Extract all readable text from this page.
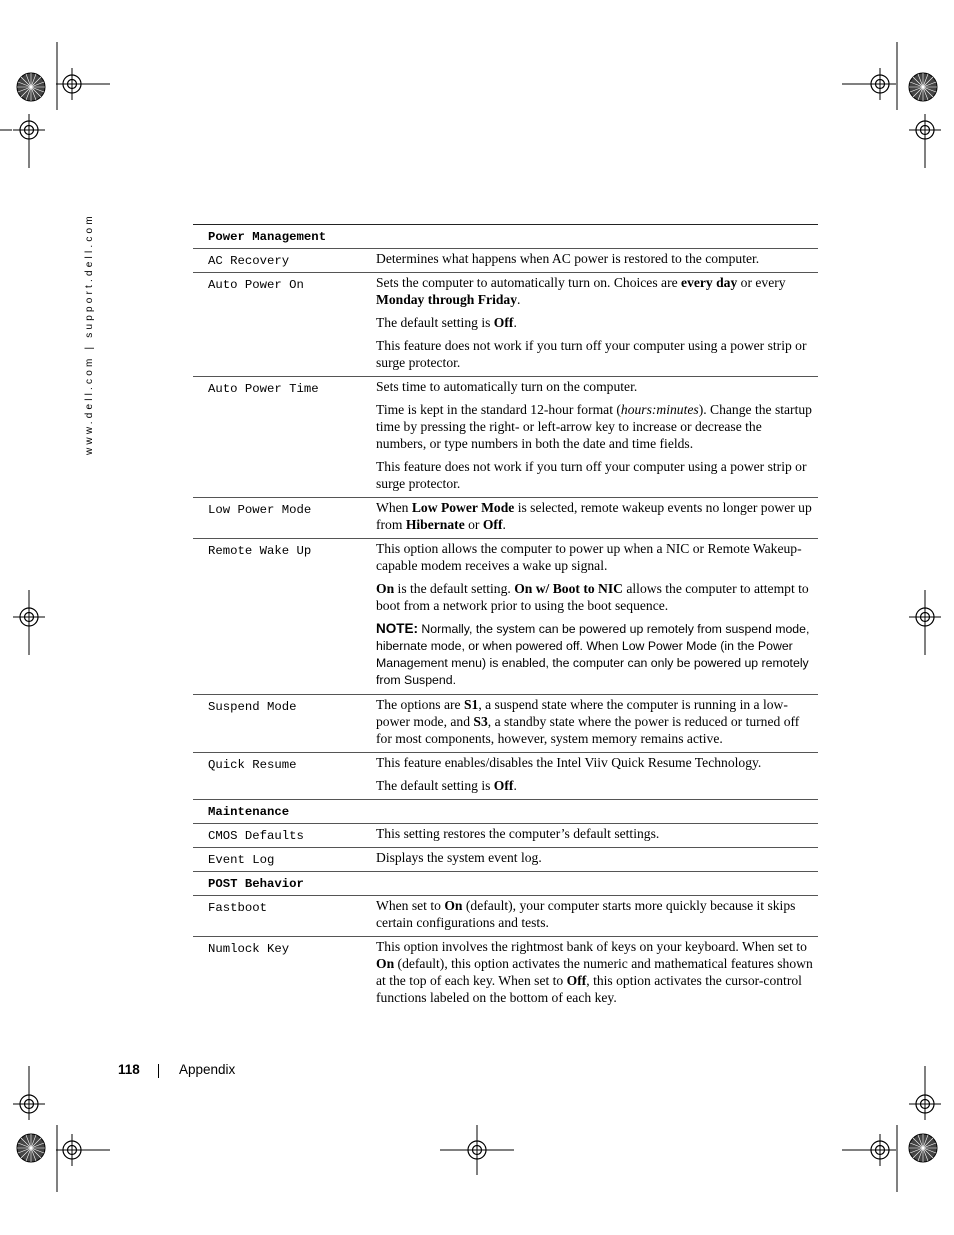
www.dell.com | support.dell.com	Power Management	
AC Recovery	Determines what happens when AC power is restored to the computer.

Auto Power On	Sets the computer to automatically turn on. Choices are every day or every Monday through Friday.

The default setting is Off.

This feature does not work if you turn off your computer using a power strip or surge protector.

Auto Power Time	Sets time to automatically turn on the computer.

Time is kept in the standard 12-hour format (hours:minutes). Change the startup time by pressing the right- or left-arrow key to increase or decrease the numbers, or type numbers in both the date and time fields.

This feature does not work if you turn off your computer using a power strip or surge protector.

Low Power Mode	When Low Power Mode is selected, remote wakeup events no longer power up from Hibernate or Off.

Remote Wake Up	This option allows the computer to power up when a NIC or Remote Wakeup-capable modem receives a wake up signal.

On is the default setting. On w/ Boot to NIC allows the computer to attempt to boot from a network prior to using the boot sequence.

NOTE: Normally, the system can be powered up remotely from suspend mode, hibernate mode, or when powered off. When Low Power Mode (in the Power Management menu) is enabled, the computer can only be powered up remotely from Suspend.

Suspend Mode	The options are S1, a suspend state where the computer is running in a low-power mode, and S3, a standby state where the power is reduced or turned off for most components, however, system memory remains active.

Quick Resume	This feature enables/disables the Intel Viiv Quick Resume Technology.

The default setting is Off.

Maintenance	
CMOS Defaults	This setting restores the computer’s default settings.

Event Log	Displays the system event log.

POST Behavior	
Fastboot	When set to On (default), your computer starts more quickly because it skips certain configurations and tests.

Numlock Key	This option involves the rightmost bank of keys on your keyboard. When set to On (default), this option activates the numeric and mathematical features shown at the top of each key. When set to Off, this option activates the cursor-control functions labeled on the bottom of each key.

118	Appendix
